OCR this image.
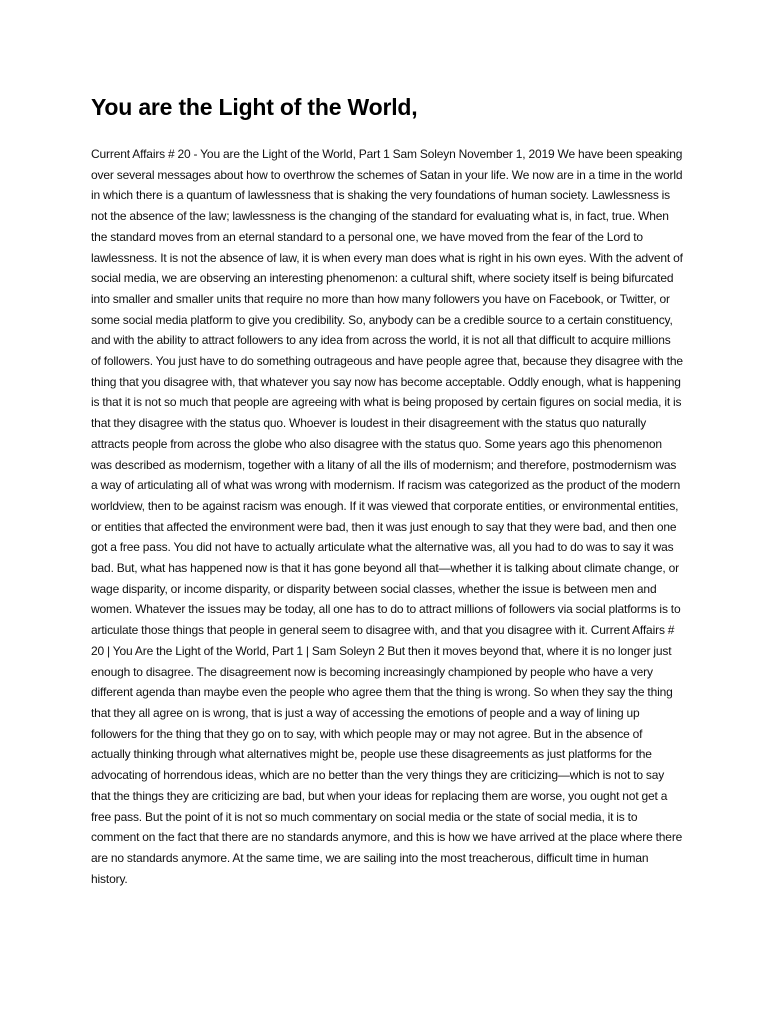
You are the Light of the World,

Current Affairs # 20 - You are the Light of the World, Part 1 Sam Soleyn November 1, 2019 We have been speaking over several messages about how to overthrow the schemes of Satan in your life. We now are in a time in the world in which there is a quantum of lawlessness that is shaking the very foundations of human society. Lawlessness is not the absence of the law; lawlessness is the changing of the standard for evaluating what is, in fact, true. When the standard moves from an eternal standard to a personal one, we have moved from the fear of the Lord to lawlessness. It is not the absence of law, it is when every man does what is right in his own eyes. With the advent of social media, we are observing an interesting phenomenon: a cultural shift, where society itself is being bifurcated into smaller and smaller units that require no more than how many followers you have on Facebook, or Twitter, or some social media platform to give you credibility. So, anybody can be a credible source to a certain constituency, and with the ability to attract followers to any idea from across the world, it is not all that difficult to acquire millions of followers. You just have to do something outrageous and have people agree that, because they disagree with the thing that you disagree with, that whatever you say now has become acceptable. Oddly enough, what is happening is that it is not so much that people are agreeing with what is being proposed by certain figures on social media, it is that they disagree with the status quo. Whoever is loudest in their disagreement with the status quo naturally attracts people from across the globe who also disagree with the status quo. Some years ago this phenomenon was described as modernism, together with a litany of all the ills of modernism; and therefore, postmodernism was a way of articulating all of what was wrong with modernism. If racism was categorized as the product of the modern worldview, then to be against racism was enough. If it was viewed that corporate entities, or environmental entities, or entities that affected the environment were bad, then it was just enough to say that they were bad, and then one got a free pass. You did not have to actually articulate what the alternative was, all you had to do was to say it was bad. But, what has happened now is that it has gone beyond all that—whether it is talking about climate change, or wage disparity, or income disparity, or disparity between social classes, whether the issue is between men and women. Whatever the issues may be today, all one has to do to attract millions of followers via social platforms is to articulate those things that people in general seem to disagree with, and that you disagree with it. Current Affairs # 20 | You Are the Light of the World, Part 1 | Sam Soleyn 2 But then it moves beyond that, where it is no longer just enough to disagree. The disagreement now is becoming increasingly championed by people who have a very different agenda than maybe even the people who agree them that the thing is wrong. So when they say the thing that they all agree on is wrong, that is just a way of accessing the emotions of people and a way of lining up followers for the thing that they go on to say, with which people may or may not agree. But in the absence of actually thinking through what alternatives might be, people use these disagreements as just platforms for the advocating of horrendous ideas, which are no better than the very things they are criticizing—which is not to say that the things they are criticizing are bad, but when your ideas for replacing them are worse, you ought not get a free pass. But the point of it is not so much commentary on social media or the state of social media, it is to comment on the fact that there are no standards anymore, and this is how we have arrived at the place where there are no standards anymore. At the same time, we are sailing into the most treacherous, difficult time in human history.
